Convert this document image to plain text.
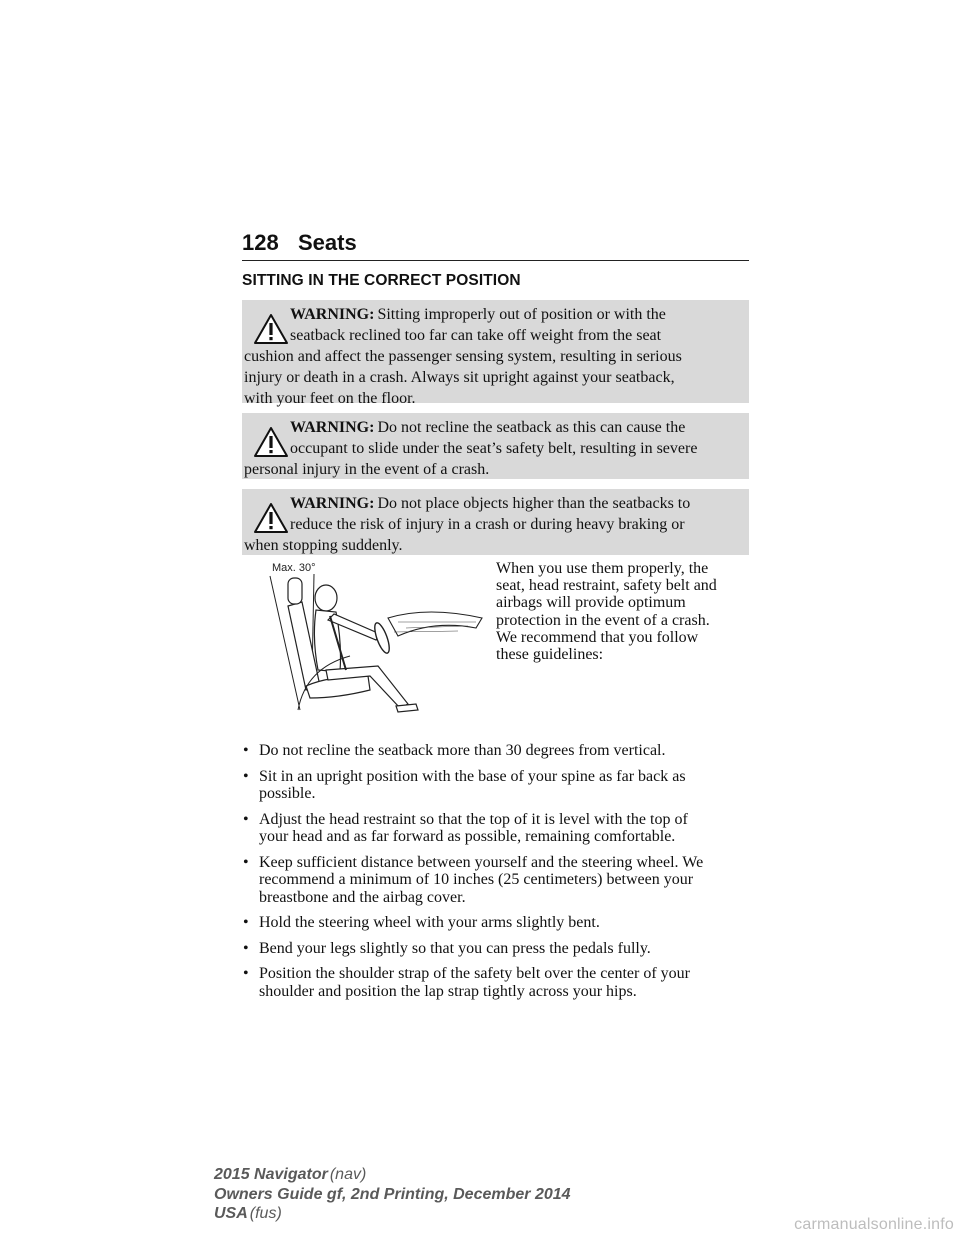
128 Seats
SITTING IN THE CORRECT POSITION
WARNING: Sitting improperly out of position or with the
seatback reclined too far can take off weight from the seat
cushion and affect the passenger sensing system, resulting in serious
injury or death in a crash. Always sit upright against your seatback,
with your feet on the floor.
WARNING: Do not recline the seatback as this can cause the
occupant to slide under the seat’s safety belt, resulting in severe
personal injury in the event of a crash.
WARNING: Do not place objects higher than the seatbacks to
reduce the risk of injury in a crash or during heavy braking or
when stopping suddenly.
Max. 30°	When you use them properly, the
seat, head restraint, safety belt and
airbags will provide optimum
protection in the event of a crash.
We recommend that you follow
these guidelines:
• Do not recline the seatback more than 30 degrees from vertical.
• Sit in an upright position with the base of your spine as far back as
possible.
• Adjust the head restraint so that the top of it is level with the top of
your head and as far forward as possible, remaining comfortable.
• Keep sufficient distance between yourself and the steering wheel. We
recommend a minimum of 10 inches (25 centimeters) between your
breastbone and the airbag cover.
• Hold the steering wheel with your arms slightly bent.
• Bend your legs slightly so that you can press the pedals fully.
• Position the shoulder strap of the safety belt over the center of your
shoulder and position the lap strap tightly across your hips.
2015 Navigator (nav)
Owners Guide gf, 2nd Printing, December 2014
USA (fus)
carmanualsonline.info
